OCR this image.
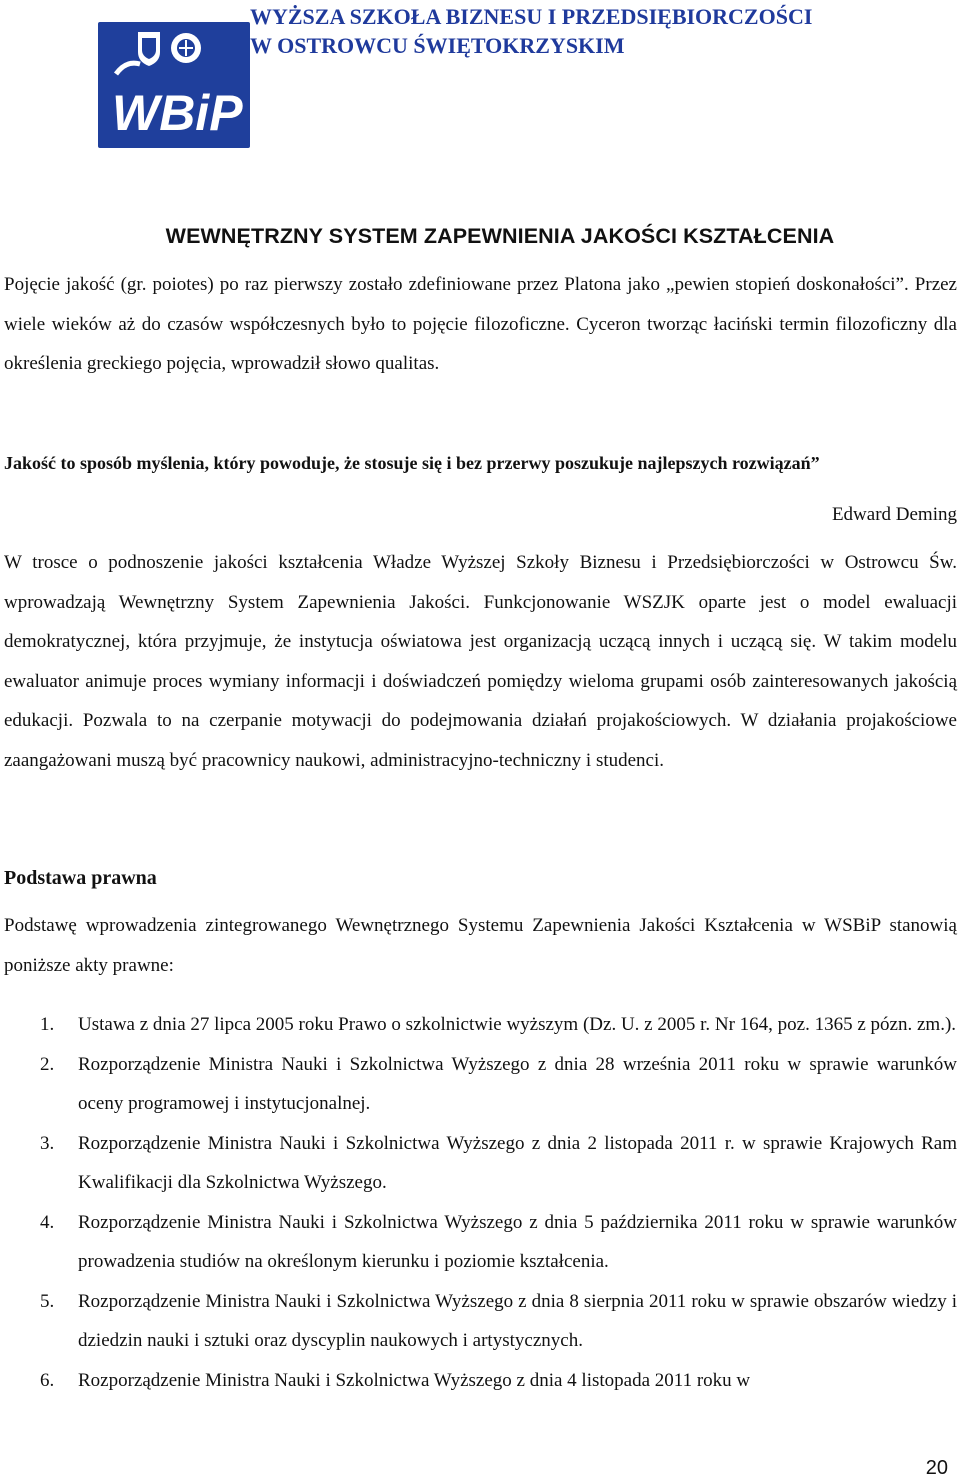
WBiP
WYŻSZA SZKOŁA BIZNESU I PRZEDSIĘBIORCZOŚCI
W OSTROWCU ŚWIĘTOKRZYSKIM
WEWNĘTRZNY SYSTEM ZAPEWNIENIA JAKOŚCI KSZTAŁCENIA

Pojęcie jakość (gr. poiotes) po raz pierwszy zostało zdefiniowane przez Platona jako „pewien stopień doskonałości”. Przez wiele wieków aż do czasów współczesnych było to pojęcie filozoficzne. Cyceron tworząc łaciński termin filozoficzny dla określenia greckiego pojęcia, wprowadził słowo qualitas.

Jakość to sposób myślenia, który powoduje, że stosuje się i bez przerwy poszukuje najlepszych rozwiązań”

Edward Deming

W trosce o podnoszenie jakości kształcenia Władze Wyższej Szkoły Biznesu i Przedsiębiorczości w Ostrowcu Św. wprowadzają Wewnętrzny System Zapewnienia Jakości. Funkcjonowanie WSZJK oparte jest o model ewaluacji demokratycznej, która przyjmuje, że instytucja oświatowa jest organizacją uczącą innych i uczącą się. W takim modelu ewaluator animuje proces wymiany informacji i doświadczeń pomiędzy wieloma grupami osób zainteresowanych jakością edukacji. Pozwala to na czerpanie motywacji do podejmowania działań projakościowych. W działania projakościowe zaangażowani muszą być pracownicy naukowi, administracyjno-techniczny i studenci.

Podstawa prawna

Podstawę wprowadzenia zintegrowanego Wewnętrznego Systemu Zapewnienia Jakości Kształcenia w WSBiP stanowią poniższe akty prawne:

1. Ustawa z dnia 27 lipca 2005 roku Prawo o szkolnictwie wyższym (Dz. U. z 2005 r. Nr 164, poz. 1365 z pózn. zm.).
2. Rozporządzenie Ministra Nauki i Szkolnictwa Wyższego z dnia 28 września 2011 roku w sprawie warunków oceny programowej i instytucjonalnej.
3. Rozporządzenie Ministra Nauki i Szkolnictwa Wyższego z dnia 2 listopada 2011 r. w sprawie Krajowych Ram Kwalifikacji dla Szkolnictwa Wyższego.
4. Rozporządzenie Ministra Nauki i Szkolnictwa Wyższego z dnia 5 października 2011 roku w sprawie warunków prowadzenia studiów na określonym kierunku i poziomie kształcenia.
5. Rozporządzenie Ministra Nauki i Szkolnictwa Wyższego z dnia 8 sierpnia 2011 roku w sprawie obszarów wiedzy i dziedzin nauki i sztuki oraz dyscyplin naukowych i artystycznych.
6. Rozporządzenie Ministra Nauki i Szkolnictwa Wyższego z dnia 4 listopada 2011 roku w
20
